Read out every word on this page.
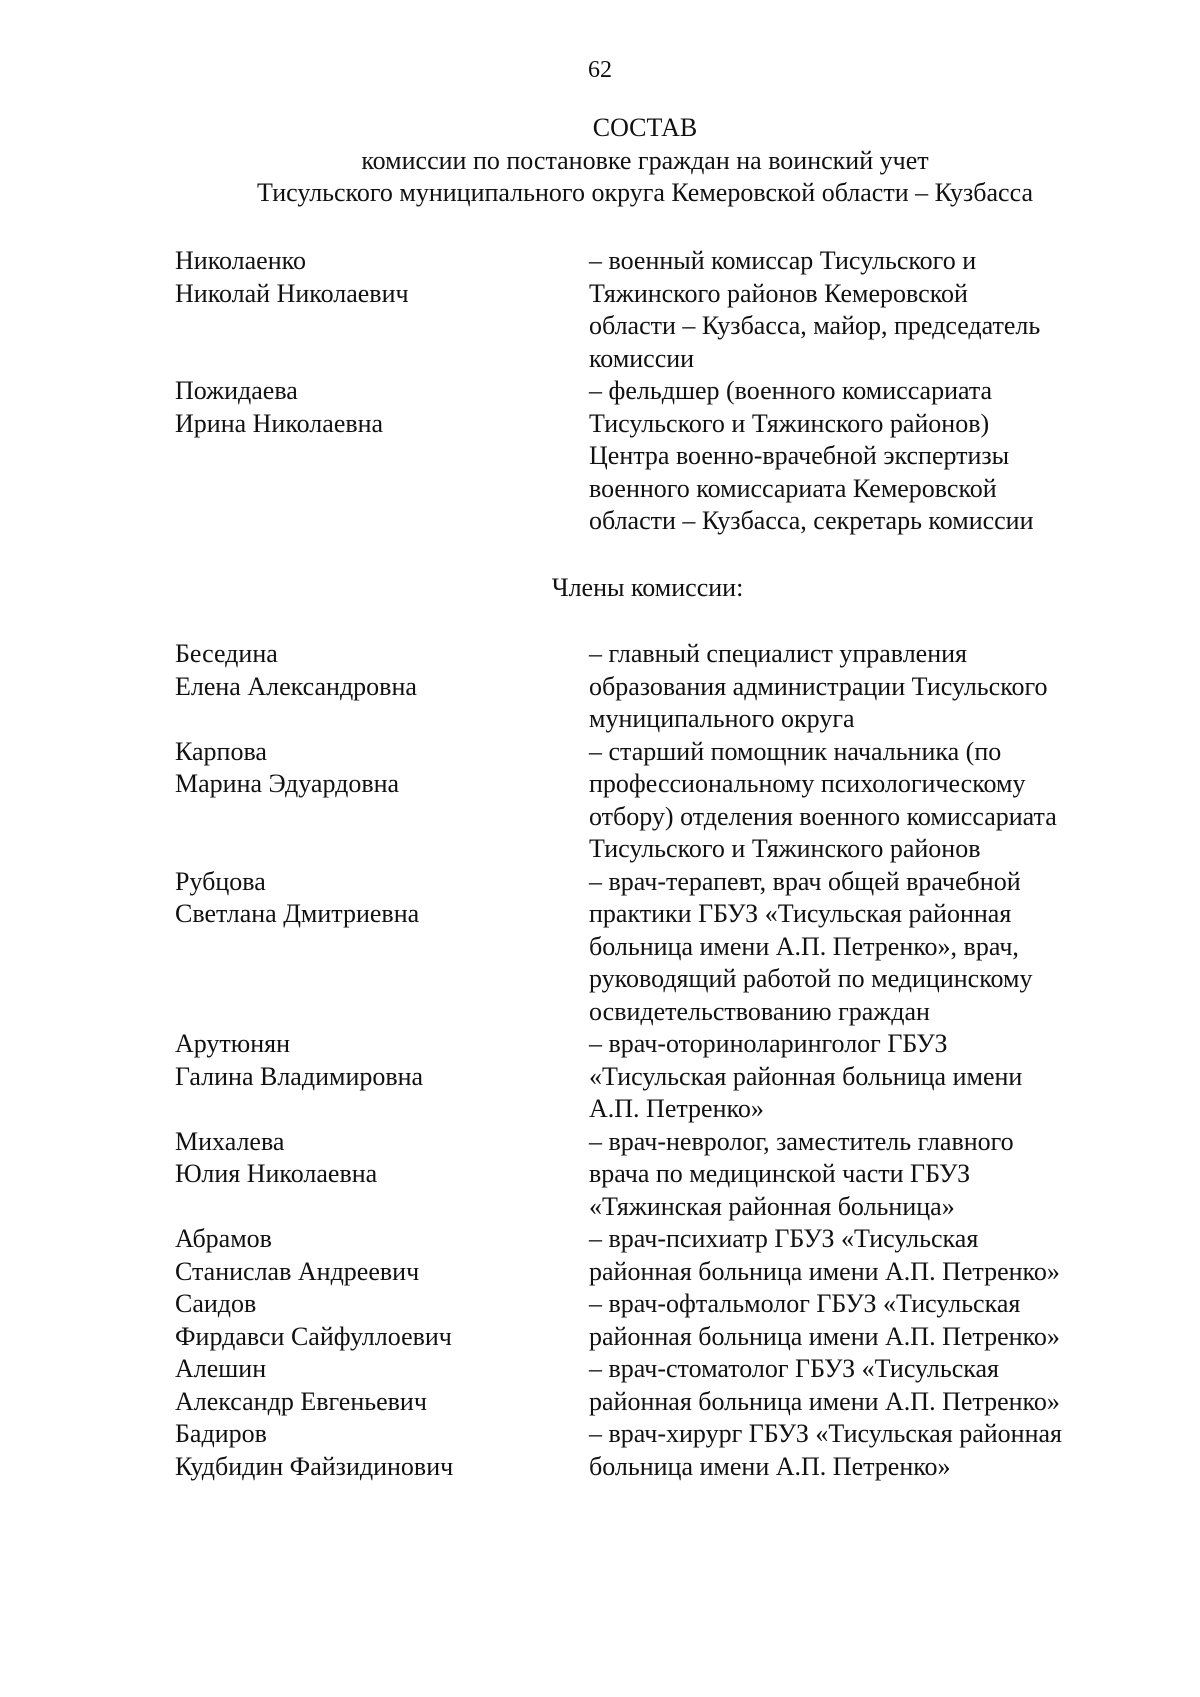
62
СОСТАВ
комиссии по постановке граждан на воинский учет
Тисульского муниципального округа Кемеровской области – Кузбасса
Николаенко
Николай Николаевич
– военный комиссар Тисульского и
Тяжинского районов Кемеровской
области – Кузбасса, майор, председатель
комиссии
Пожидаева
Ирина Николаевна
– фельдшер (военного комиссариата
Тисульского и Тяжинского районов)
Центра военно-врачебной экспертизы
военного комиссариата Кемеровской
области – Кузбасса, секретарь комиссии
Члены комиссии:
Беседина
Елена Александровна
– главный специалист управления
образования администрации Тисульского
муниципального округа
Карпова
Марина Эдуардовна
– старший помощник начальника (по
профессиональному психологическому
отбору) отделения военного комиссариата
Тисульского и Тяжинского районов
Рубцова
Светлана Дмитриевна
– врач-терапевт, врач общей врачебной
практики ГБУЗ «Тисульская районная
больница имени А.П. Петренко», врач,
руководящий работой по медицинскому
освидетельствованию граждан
Арутюнян
Галина Владимировна
– врач-оториноларинголог ГБУЗ
«Тисульская районная больница имени
А.П. Петренко»
Михалева
Юлия Николаевна
– врач-невролог, заместитель главного
врача по медицинской части ГБУЗ
«Тяжинская районная больница»
Абрамов
Станислав Андреевич
– врач-психиатр ГБУЗ «Тисульская
районная больница имени А.П. Петренко»
Саидов
Фирдавси Сайфуллоевич
– врач-офтальмолог ГБУЗ «Тисульская
районная больница имени А.П. Петренко»
Алешин
Александр Евгеньевич
– врач-стоматолог ГБУЗ «Тисульская
районная больница имени А.П. Петренко»
Бадиров
Кудбидин Файзидинович
– врач-хирург ГБУЗ «Тисульская районная
больница имени А.П. Петренко»
